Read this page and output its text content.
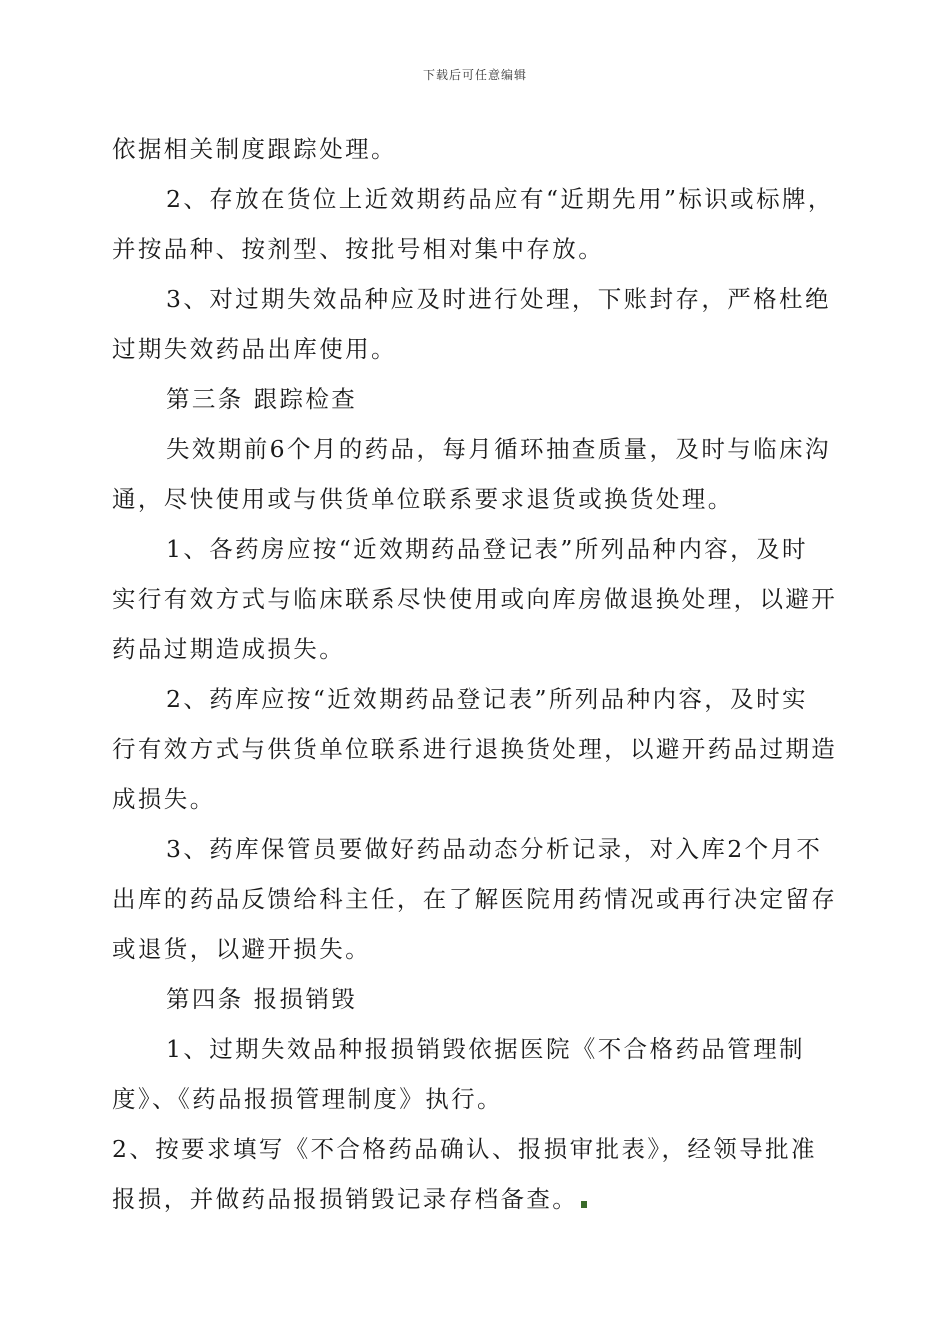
下载后可任意编辑
依据相关制度跟踪处理。
2、存放在货位上近效期药品应有“近期先用”标识或标牌，
并按品种、按剂型、按批号相对集中存放。
3、对过期失效品种应及时进行处理，下账封存，严格杜绝
过期失效药品出库使用。
第三条 跟踪检查
失效期前6个月的药品，每月循环抽查质量，及时与临床沟
通，尽快使用或与供货单位联系要求退货或换货处理。
1、各药房应按“近效期药品登记表”所列品种内容，及时
实行有效方式与临床联系尽快使用或向库房做退换处理，以避开
药品过期造成损失。
2、药库应按“近效期药品登记表”所列品种内容，及时实
行有效方式与供货单位联系进行退换货处理，以避开药品过期造
成损失。
3、药库保管员要做好药品动态分析记录，对入库2个月不
出库的药品反馈给科主任，在了解医院用药情况或再行决定留存
或退货，以避开损失。
第四条 报损销毁
1、过期失效品种报损销毁依据医院《不合格药品管理制
度》、《药品报损管理制度》执行。
2、按要求填写《不合格药品确认、报损审批表》，经领导批准
报损，并做药品报损销毁记录存档备查。
